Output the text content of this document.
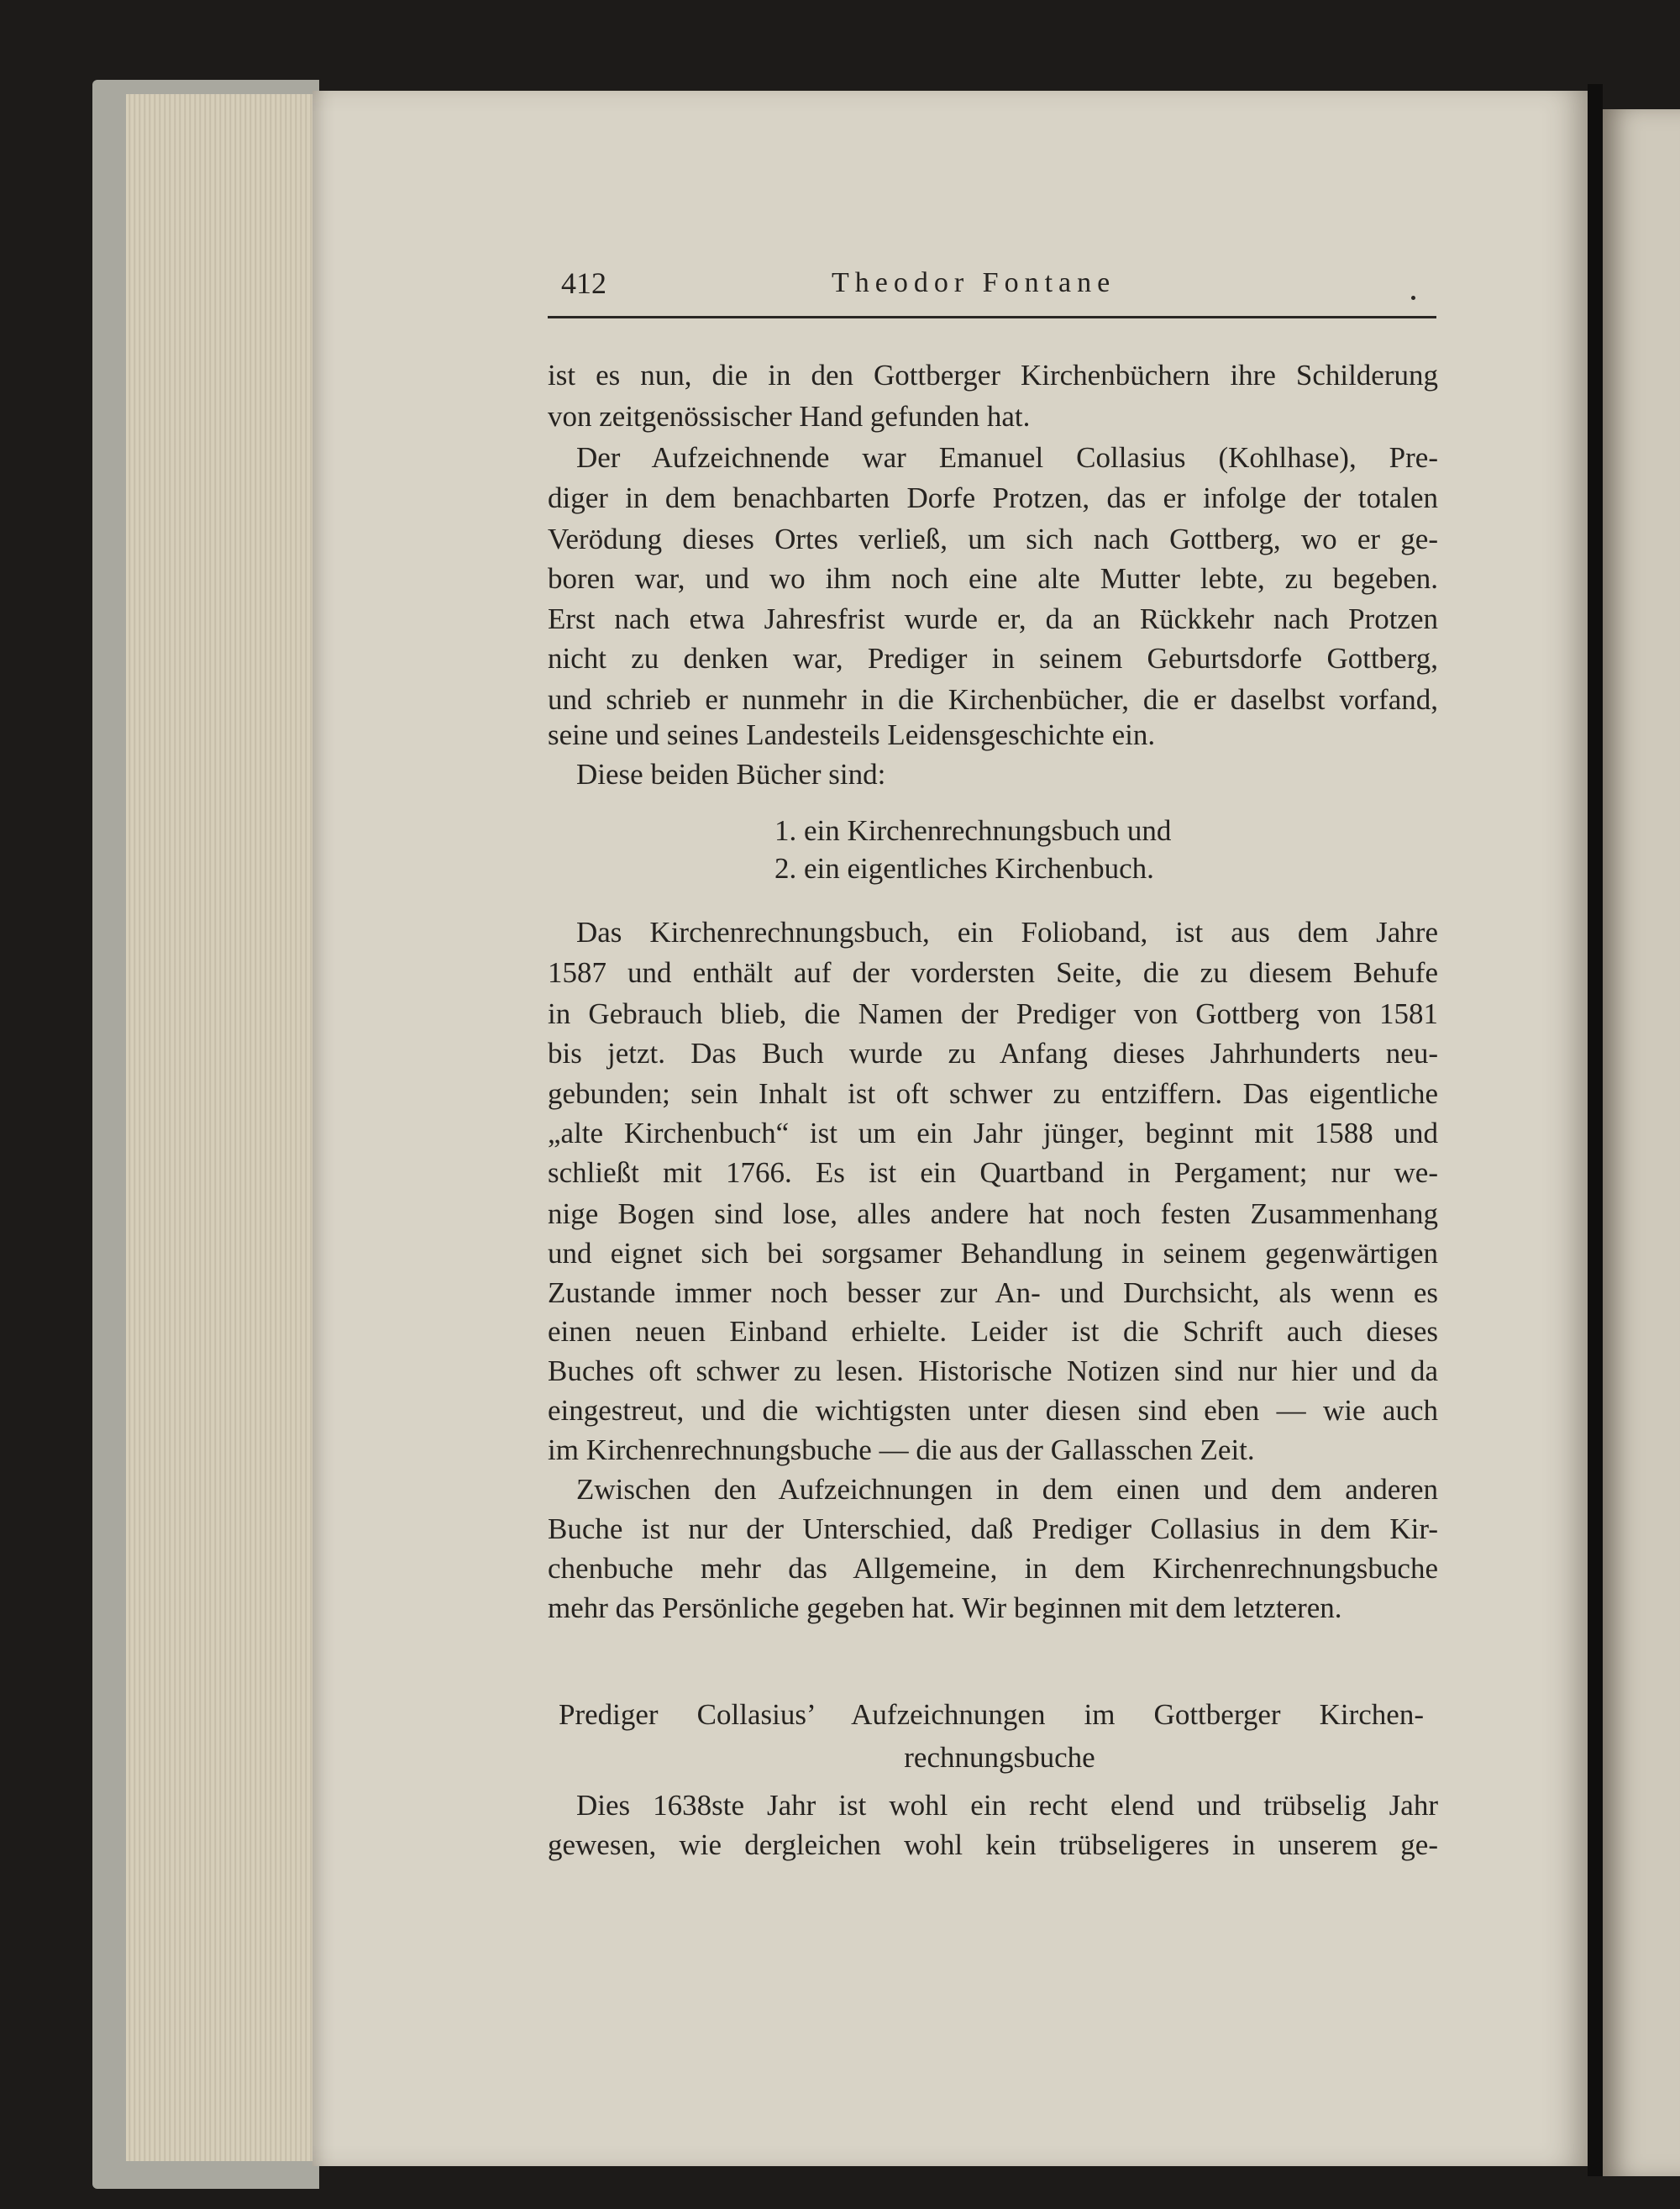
412	Theodor Fontane
ist es nun, die in den Gottberger Kirchenbüchern ihre Schilderung
von zeitgenössischer Hand gefunden hat.
Der Aufzeichnende war Emanuel Collasius (Kohlhase), Pre-
diger in dem benachbarten Dorfe Protzen, das er infolge der totalen
Verödung dieses Ortes verließ, um sich nach Gottberg, wo er ge-
boren war, und wo ihm noch eine alte Mutter lebte, zu begeben.
Erst nach etwa Jahresfrist wurde er, da an Rückkehr nach Protzen
nicht zu denken war, Prediger in seinem Geburtsdorfe Gottberg,
und schrieb er nunmehr in die Kirchenbücher, die er daselbst vorfand,
seine und seines Landesteils Leidensgeschichte ein.
Diese beiden Bücher sind:
1. ein Kirchenrechnungsbuch und
2. ein eigentliches Kirchenbuch.
Das Kirchenrechnungsbuch, ein Folioband, ist aus dem Jahre
1587 und enthält auf der vordersten Seite, die zu diesem Behufe
in Gebrauch blieb, die Namen der Prediger von Gottberg von 1581
bis jetzt. Das Buch wurde zu Anfang dieses Jahrhunderts neu-
gebunden; sein Inhalt ist oft schwer zu entziffern. Das eigentliche
„alte Kirchenbuch“ ist um ein Jahr jünger, beginnt mit 1588 und
schließt mit 1766. Es ist ein Quartband in Pergament; nur we-
nige Bogen sind lose, alles andere hat noch festen Zusammenhang
und eignet sich bei sorgsamer Behandlung in seinem gegenwärtigen
Zustande immer noch besser zur An- und Durchsicht, als wenn es
einen neuen Einband erhielte. Leider ist die Schrift auch dieses
Buches oft schwer zu lesen. Historische Notizen sind nur hier und da
eingestreut, und die wichtigsten unter diesen sind eben — wie auch
im Kirchenrechnungsbuche — die aus der Gallasschen Zeit.
Zwischen den Aufzeichnungen in dem einen und dem anderen
Buche ist nur der Unterschied, daß Prediger Collasius in dem Kir-
chenbuche mehr das Allgemeine, in dem Kirchenrechnungsbuche
mehr das Persönliche gegeben hat. Wir beginnen mit dem letzteren.
Prediger Collasius’ Aufzeichnungen im Gottberger Kirchen-
rechnungsbuche
Dies 1638ste Jahr ist wohl ein recht elend und trübselig Jahr
gewesen, wie dergleichen wohl kein trübseligeres in unserem ge-
